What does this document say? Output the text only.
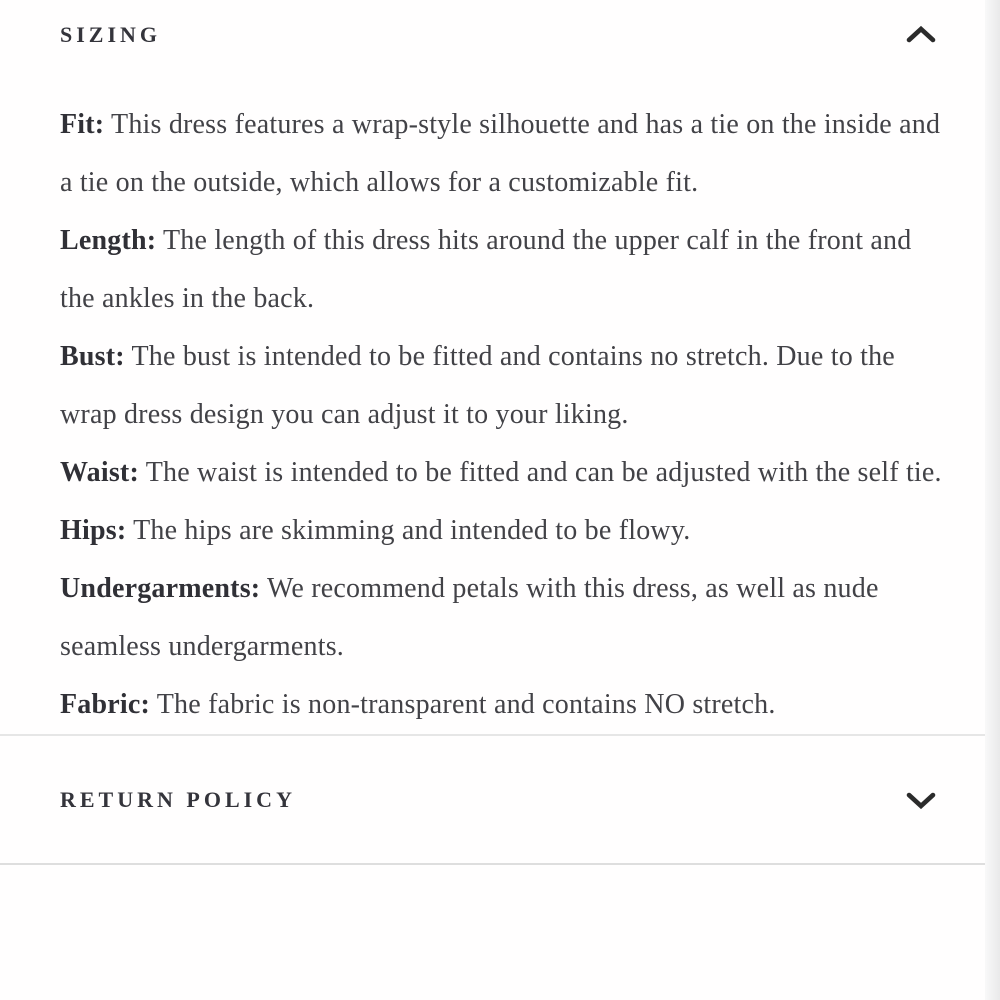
SIZING

Fit: This dress features a wrap-style silhouette and has a tie on the inside and a tie on the outside, which allows for a customizable fit.

Length: The length of this dress hits around the upper calf in the front and the ankles in the back.

Bust: The bust is intended to be fitted and contains no stretch. Due to the wrap dress design you can adjust it to your liking.

Waist: The waist is intended to be fitted and can be adjusted with the self tie.

Hips: The hips are skimming and intended to be flowy.

Undergarments: We recommend petals with this dress, as well as nude seamless undergarments.

Fabric: The fabric is non-transparent and contains NO stretch.

RETURN POLICY
